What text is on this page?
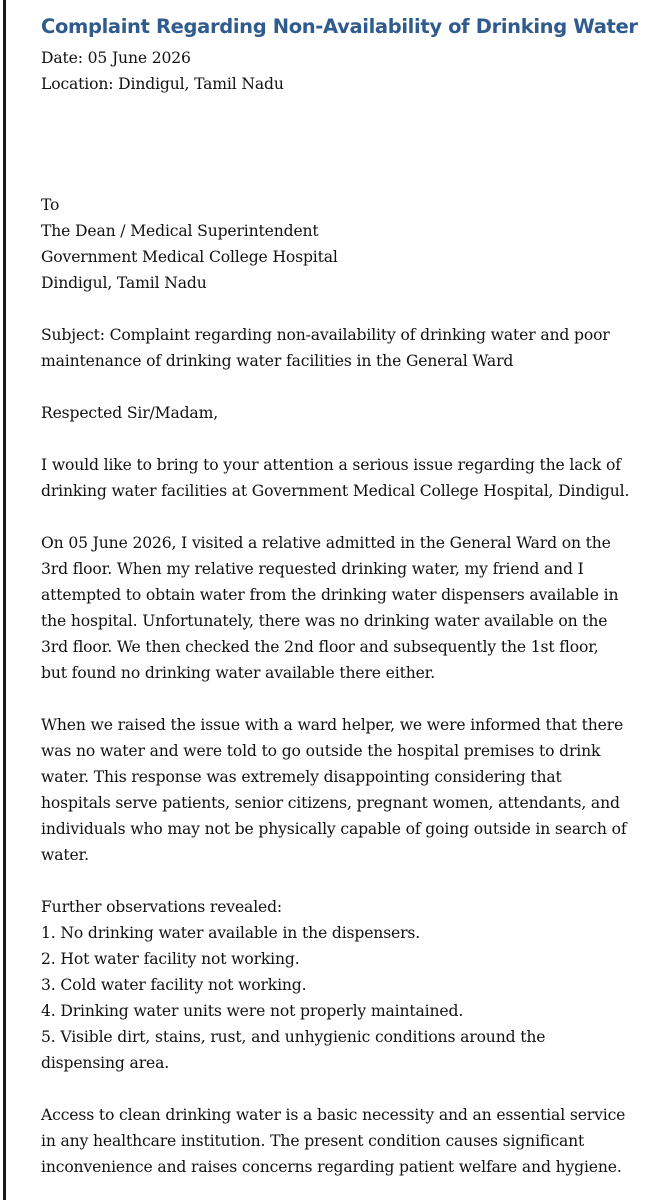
Complaint Regarding Non-Availability of Drinking Water
Date: 05 June 2026
Location: Dindigul, Tamil Nadu
To
The Dean / Medical Superintendent
Government Medical College Hospital
Dindigul, Tamil Nadu
Subject: Complaint regarding non-availability of drinking water and poor
maintenance of drinking water facilities in the General Ward
Respected Sir/Madam,
I would like to bring to your attention a serious issue regarding the lack of
drinking water facilities at Government Medical College Hospital, Dindigul.
On 05 June 2026, I visited a relative admitted in the General Ward on the
3rd floor. When my relative requested drinking water, my friend and I
attempted to obtain water from the drinking water dispensers available in
the hospital. Unfortunately, there was no drinking water available on the
3rd floor. We then checked the 2nd floor and subsequently the 1st floor,
but found no drinking water available there either.
When we raised the issue with a ward helper, we were informed that there
was no water and were told to go outside the hospital premises to drink
water. This response was extremely disappointing considering that
hospitals serve patients, senior citizens, pregnant women, attendants, and
individuals who may not be physically capable of going outside in search of
water.
Further observations revealed:
1. No drinking water available in the dispensers.
2. Hot water facility not working.
3. Cold water facility not working.
4. Drinking water units were not properly maintained.
5. Visible dirt, stains, rust, and unhygienic conditions around the
dispensing area.
Access to clean drinking water is a basic necessity and an essential service
in any healthcare institution. The present condition causes significant
inconvenience and raises concerns regarding patient welfare and hygiene.
